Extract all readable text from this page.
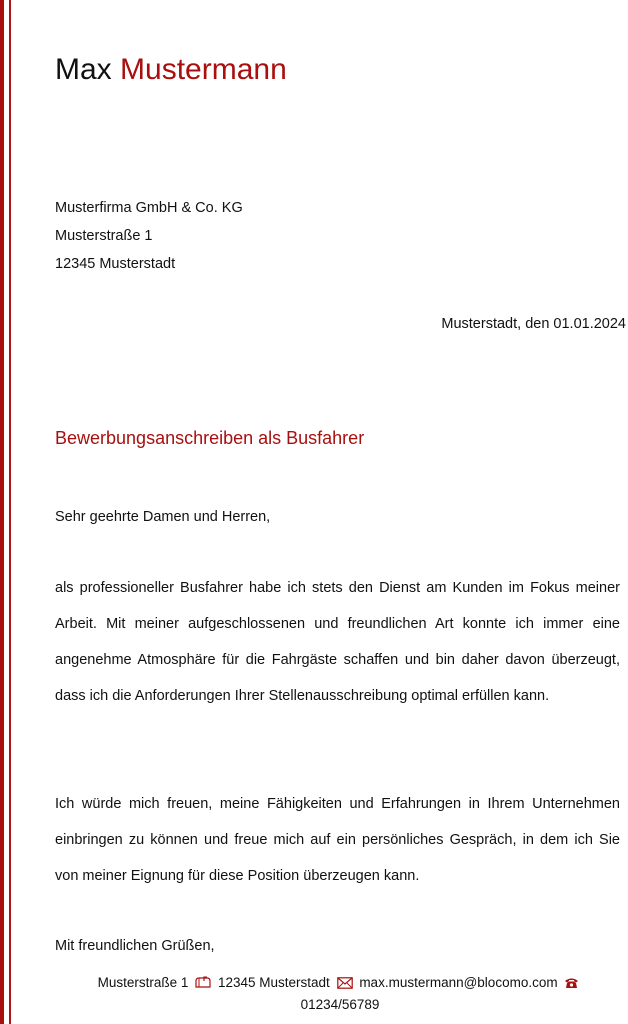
Max Mustermann
Musterfirma GmbH & Co. KG
Musterstraße 1
12345 Musterstadt
Musterstadt, den 01.01.2024
Bewerbungsanschreiben als Busfahrer
Sehr geehrte Damen und Herren,
als professioneller Busfahrer habe ich stets den Dienst am Kunden im Fokus meiner Arbeit. Mit meiner aufgeschlossenen und freundlichen Art konnte ich immer eine angenehme Atmosphäre für die Fahrgäste schaffen und bin daher davon überzeugt, dass ich die Anforderungen Ihrer Stellenausschreibung optimal erfüllen kann.
Ich würde mich freuen, meine Fähigkeiten und Erfahrungen in Ihrem Unternehmen einbringen zu können und freue mich auf ein persönliches Gespräch, in dem ich Sie von meiner Eignung für diese Position überzeugen kann.
Mit freundlichen Grüßen,
Musterstraße 1 12345 Musterstadt max.mustermann@blocomo.com

01234/56789
